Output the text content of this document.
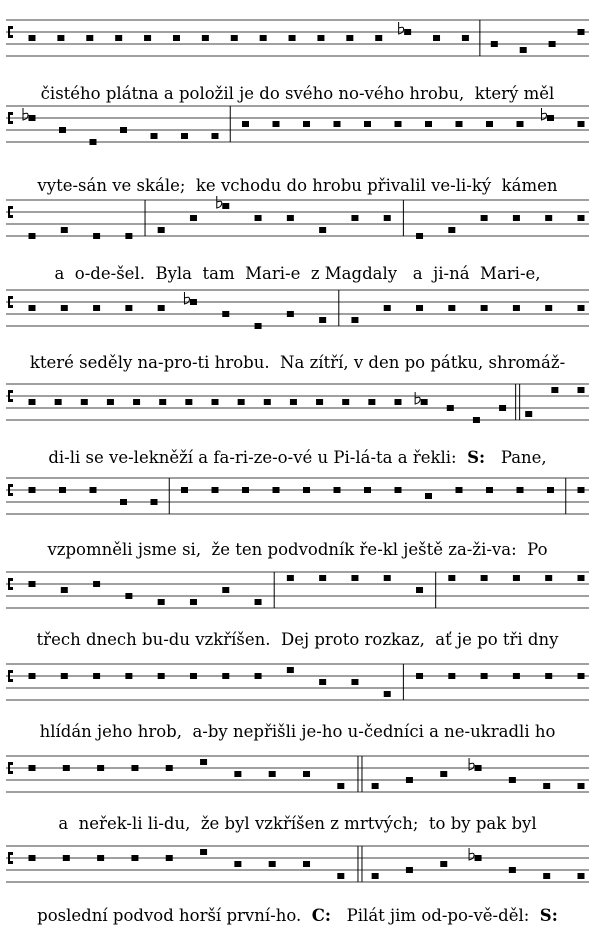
čistého plátna a položil je do svého no-vého hrobu,  který měl
vyte-sán ve skále;  ke vchodu do hrobu přivalil ve-li-ký  kámen
a  o-de-šel.  Byla  tam  Mari-e  z Magdaly   a  ji-ná  Mari-e,
které seděly na-pro-ti hrobu.  Na zítří, v den po pátku, shromáž-
di-li se ve-lekněží a fa-ri-ze-o-vé u Pi-lá-ta a řekli:  S:   Pane,
vzpomněli jsme si,  že ten podvodník ře-kl ještě za-ži-va:  Po
třech dnech bu-du vzkříšen.  Dej proto rozkaz,  ať je po tři dny
hlídán jeho hrob,  a-by nepřišli je-ho u-čedníci a ne-ukradli ho
a  neřek-li li-du,  že byl vzkříšen z mrtvých;  to by pak byl
poslední podvod horší první-ho.  C:   Pilát jim od-po-vě-děl:  S:
